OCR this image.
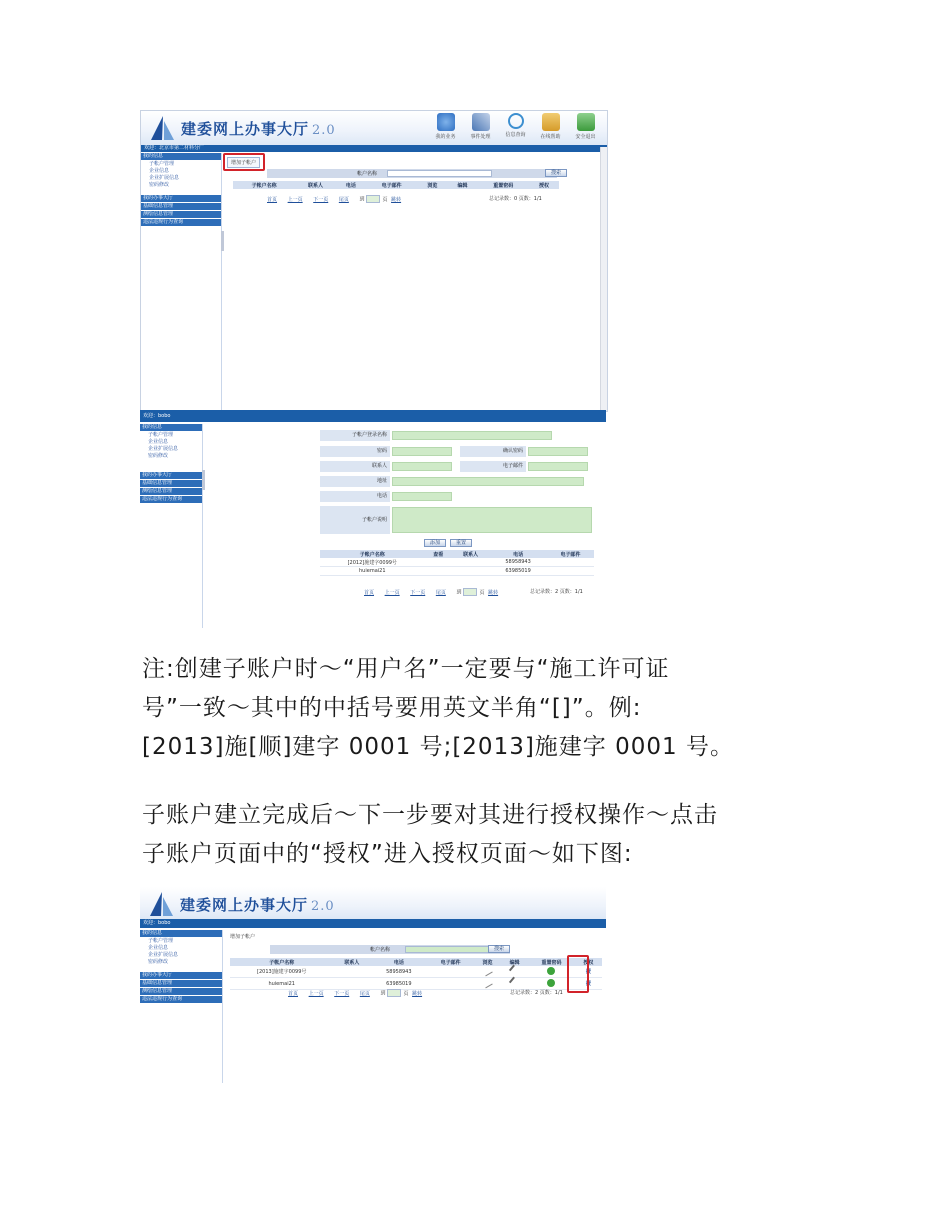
建委网上办事大厅 2.0	我的业务	事件处理	信息查询	在线帮助	安全退出
欢迎：北京市第二材料分厂
我的信息
子帐户管理
企业信息
企业扩展信息
密码修改
我的办事大厅
基础信息管理
测绘信息管理
违法违规行为查询
增加子帐户
帐户名称	搜索
子帐户名称	联系人	电话	电子邮件	浏览	编辑	重置密码	授权
首页 上一页 下一页 尾页 到	页 跳转	总记录数：0 页数：1/1
欢迎：bobo
我的信息
子帐户管理
企业信息
企业扩展信息
密码修改
我的办事大厅
基础信息管理
测绘信息管理
违法违规行为查询
子帐户登录名称
密码	确认密码
联系人	电子邮件
地址
电话
子帐户说明
添加	重置
子帐户名称	查看	联系人	电话	电子邮件
[2012]施建字0099号			58958943	
huiemai21			63985019	
首页 上一页 下一页 尾页 到	页 跳转	总记录数：2 页数：1/1
注:创建子账户时～“用户名”一定要与“施工许可证
号”一致～其中的中括号要用英文半角“[]”。例:
[2013]施[顺]建字 0001 号;[2013]施建字 0001 号。
子账户建立完成后～下一步要对其进行授权操作～点击
子账户页面中的“授权”进入授权页面～如下图:
建委网上办事大厅 2.0
欢迎：bobo
我的信息
子帐户管理
企业信息
企业扩展信息
密码修改
我的办事大厅
基础信息管理
测绘信息管理
违法违规行为查询
增加子帐户
帐户名称	搜索
子帐户名称	联系人	电话	电子邮件	浏览	编辑	重置密码	授权
[2013]施建字0099号		58958943					授
huiemai21		63985019					授
首页 上一页 下一页 尾页 到	页 跳转	总记录数：2 页数：1/1
